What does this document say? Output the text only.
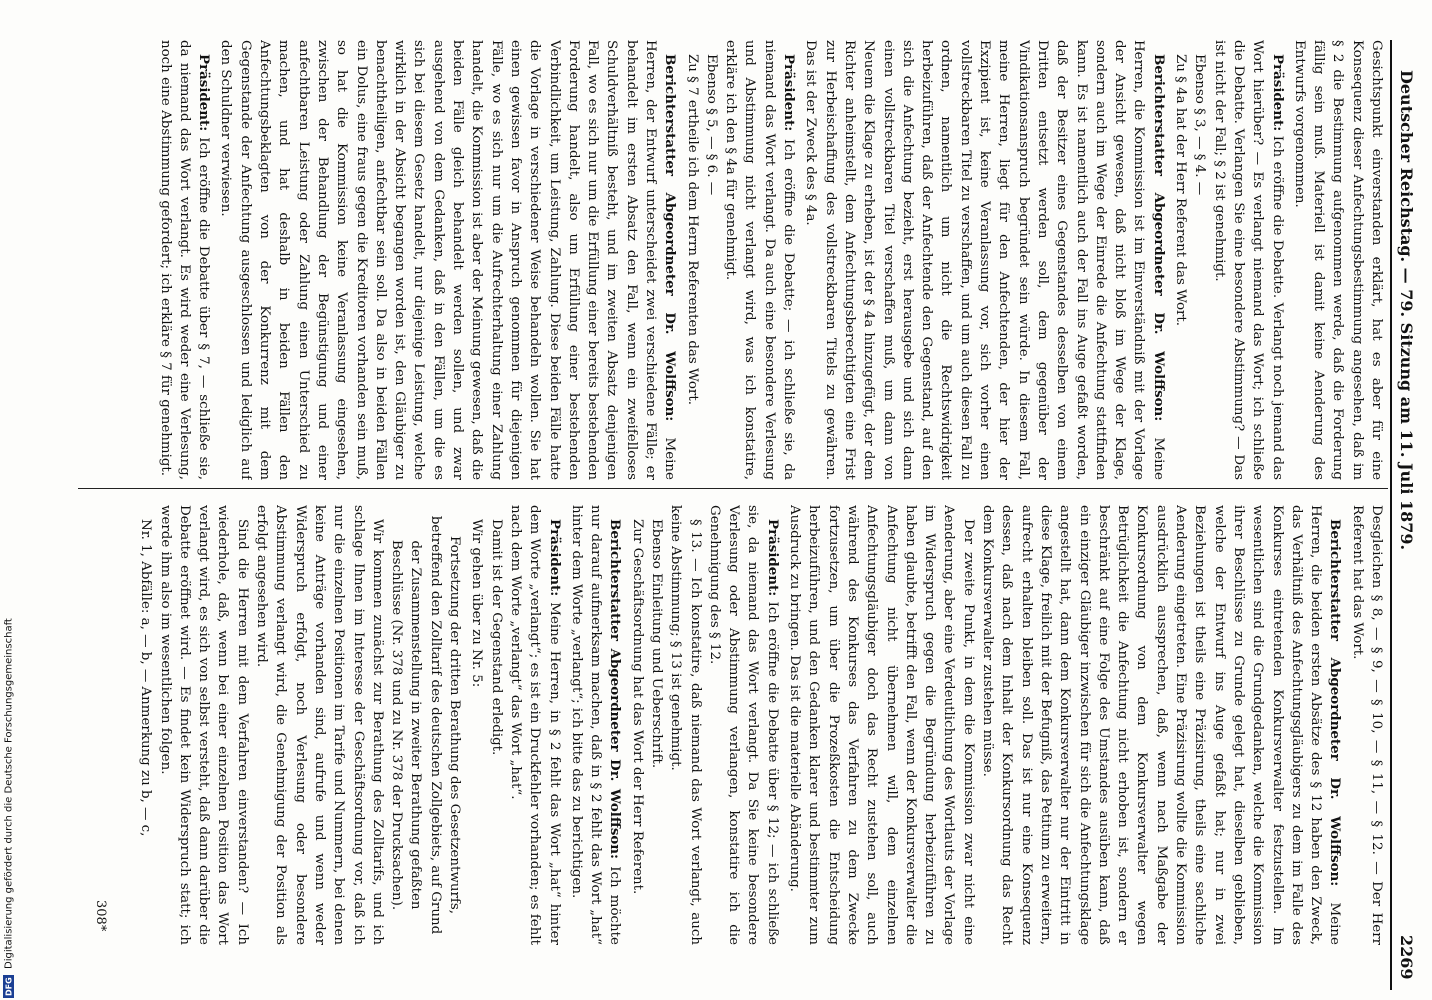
Deutscher Reichstag. — 79. Sitzung am 11. Juli 1879.
2269

Gesichtspunkt einverstanden erklärt, hat es aber für eine Konsequenz dieser Anfechtungsbestimmung angesehen, daß im § 2 die Bestimmung aufgenommen werde, daß die Forderung fällig sein muß. Materiell ist damit keine Aenderung des Entwurfs vorgenommen.

Präsident: Ich eröffne die Debatte. Verlangt noch jemand das Wort hierüber? — Es verlangt niemand das Wort; ich schließe die Debatte. Verlangen Sie eine besondere Abstimmung? — Das ist nicht der Fall; § 2 ist genehmigt.

Ebenso § 3, — § 4. —

Zu § 4a hat der Herr Referent das Wort.

Berichterstatter Abgeordneter Dr. Wolffson: Meine Herren, die Kommission ist im Einverständniß mit der Vorlage der Ansicht gewesen, daß nicht bloß im Wege der Klage, sondern auch im Wege der Einrede die Anfechtung stattfinden kann. Es ist namentlich auch der Fall ins Auge gefaßt worden, daß der Besitzer eines Gegenstandes desselben von einem Dritten entsetzt werden soll, dem gegenüber der Vindikationsanspruch begründet sein würde. In diesem Fall, meine Herren, liegt für den Anfechtenden, der hier der Exzipient ist, keine Veranlassung vor, sich vorher einen vollstreckbaren Titel zu verschaffen, und um auch diesen Fall zu ordnen, namentlich um nicht die Rechtswidrigkeit herbeizuführen, daß der Anfechtende den Gegenstand, auf den sich die Anfechtung bezieht, erst herausgebe und sich dann einen vollstreckbaren Titel verschaffen muß, um dann von Neuem die Klage zu erheben, ist der § 4a hinzugefügt, der dem Richter anheimstellt, dem Anfechtungsberechtigten eine Frist zur Herbeischaffung des vollstreckbaren Titels zu gewähren. Das ist der Zweck des § 4a.

Präsident: Ich eröffne die Debatte; — ich schließe sie, da niemand das Wort verlangt. Da auch eine besondere Verlesung und Abstimmung nicht verlangt wird, was ich konstatire, erkläre ich den § 4a für genehmigt.

Ebenso § 5, — § 6. —

Zu § 7 ertheile ich dem Herrn Referenten das Wort.

Berichterstatter Abgeordneter Dr. Wolffson: Meine Herren, der Entwurf unterscheidet zwei verschiedene Fälle; er behandelt im ersten Absatz den Fall, wenn ein zweifelloses Schuldverhältniß besteht, und im zweiten Absatz denjenigen Fall, wo es sich nur um die Erfüllung einer bereits bestehenden Forderung handelt, also um Erfüllung einer bestehenden Verbindlichkeit, um Leistung, Zahlung. Diese beiden Fälle hatte die Vorlage in verschiedener Weise behandeln wollen. Sie hat einen gewissen favor in Anspruch genommen für diejenigen Fälle, wo es sich nur um die Aufrechterhaltung einer Zahlung handelt, die Kommission ist aber der Meinung gewesen, daß die beiden Fälle gleich behandelt werden sollen, und zwar ausgehend von dem Gedanken, daß in den Fällen, um die es sich bei diesem Gesetz handelt, nur diejenige Leistung, welche wirklich in der Absicht begangen worden ist, den Gläubiger zu benachtheiligen, anfechtbar sein soll. Da also in beiden Fällen ein Dolus, eine fraus gegen die Kreditoren vorhanden sein muß, so hat die Kommission keine Veranlassung eingesehen, zwischen der Behandlung der Begünstigung und einer anfechtbaren Leistung oder Zahlung einen Unterschied zu machen, und hat deshalb in beiden Fällen den Anfechtungsbeklagten von der Konkurrenz mit dem Gegenstande der Anfechtung ausgeschlossen und lediglich auf den Schuldner verwiesen.

Präsident: Ich eröffne die Debatte über § 7, — schließe sie, da niemand das Wort verlangt. Es wird weder eine Verlesung, noch eine Abstimmung gefordert; ich erkläre § 7 für genehmigt.

Desgleichen § 8, — § 9, — § 10, — § 11, — § 12. — Der Herr Referent hat das Wort.

Berichterstatter Abgeordneter Dr. Wolffson: Meine Herren, die beiden ersten Absätze des § 12 haben den Zweck, das Verhältniß des Anfechtungsgläubigers zu dem im Falle des Konkurses eintretenden Konkursverwalter festzustellen. Im wesentlichen sind die Grundgedanken, welche die Kommission ihrer Beschlüsse zu Grunde gelegt hat, dieselben geblieben, welche der Entwurf ins Auge gefaßt hat; nur in zwei Beziehungen ist theils eine Präzisirung, theils eine sachliche Aenderung eingetreten. Eine Präzisirung wollte die Kommission ausdrücklich aussprechen, daß, wenn nach Maßgabe der Konkursordnung von dem Konkursverwalter wegen Betrüglichkeit die Anfechtung nicht erhoben ist, sondern er beschränkt auf eine Folge des Umstandes ausüben kann, daß ein einziger Gläubiger inzwischen für sich die Anfechtungsklage angestellt hat, dann dem Konkursverwalter nur der Eintritt in diese Klage, freilich mit der Befugniß, das Petitum zu erweitern, aufrecht erhalten bleiben soll. Das ist nur eine Konsequenz dessen, daß nach dem Inhalt der Konkursordnung das Recht dem Konkursverwalter zustehen müsse.

Der zweite Punkt, in dem die Kommission zwar nicht eine Aenderung, aber eine Verdeutlichung des Wortlauts der Vorlage im Widerspruch gegen die Begründung herbeizuführen zu haben glaubte, betrifft den Fall, wenn der Konkursverwalter die Anfechtung nicht übernehmen will, dem einzelnen Anfechtungsgläubiger doch das Recht zustehen soll, auch während des Konkurses das Verfahren zu dem Zwecke fortzusetzen, um über die Prozeßkosten die Entscheidung herbeizuführen, und den Gedanken klarer und bestimmter zum Ausdruck zu bringen. Das ist die materielle Abänderung.

Präsident: Ich eröffne die Debatte über § 12; — ich schließe sie, da niemand das Wort verlangt. Da Sie keine besondere Verlesung oder Abstimmung verlangen, konstatire ich die Genehmigung des § 12.

§ 13. — Ich konstatire, daß niemand das Wort verlangt, auch keine Abstimmung; § 13 ist genehmigt.

Ebenso Einleitung und Ueberschrift.

Zur Geschäftsordnung hat das Wort der Herr Referent.

Berichterstatter Abgeordneter Dr. Wolffson: Ich möchte nur darauf aufmerksam machen, daß in § 2 fehlt das Wort „hat“ hinter dem Worte „verlangt“; ich bitte das zu berichtigen.

Präsident: Meine Herren, in § 2 fehlt das Wort „hat“ hinter dem Worte „verlangt“; es ist ein Druckfehler vorhanden; es fehlt nach dem Worte „verlangt“ das Wort „hat“.

Damit ist der Gegenstand erledigt.

Wir gehen über zu Nr. 5:

Fortsetzung der dritten Berathung des Gesetzentwurfs, betreffend den Zolltarif des deutschen Zollgebiets, auf Grund der Zusammenstellung in zweiter Berathung gefaßten Beschlüsse (Nr. 378 und zu Nr. 378 der Drucksachen).

Wir kommen zunächst zur Berathung des Zolltarifs, und ich schlage Ihnen im Interesse der Geschäftsordnung vor, daß ich nur die einzelnen Positionen im Tarife und Nummern, bei denen keine Anträge vorhanden sind, aufrufe und wenn weder Widerspruch erfolgt, noch Verlesung oder besondere Abstimmung verlangt wird, die Genehmigung der Position als erfolgt angesehen wird.

Sind die Herren mit dem Verfahren einverstanden? — Ich wiederhole, daß, wenn bei einer einzelnen Position das Wort verlangt wird, es sich von selbst versteht, daß dann darüber die Debatte eröffnet wird. — Es findet kein Widerspruch statt; ich werde ihm also im wesentlichen folgen.

Nr. 1, Abfälle: a, — b, — Anmerkung zu b, — c,

308*
DFG
Digitalisierung gefördert durch die Deutsche Forschungsgemeinschaft
